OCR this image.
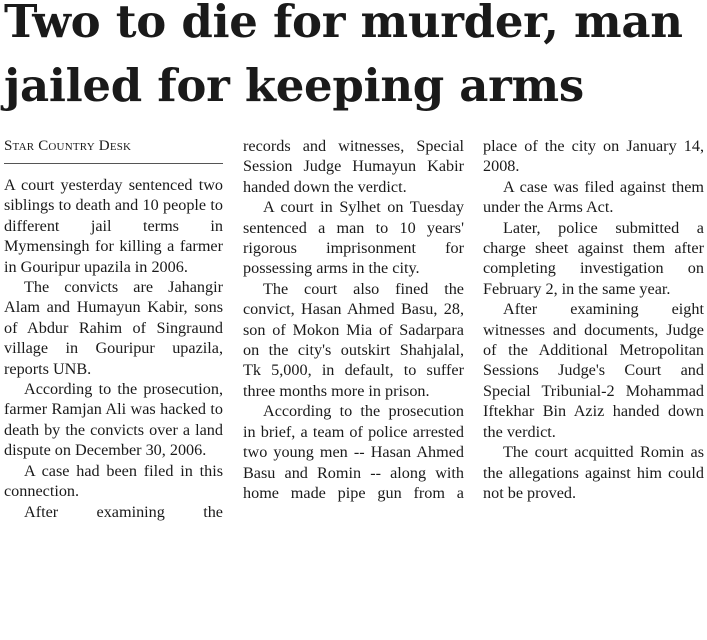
Two to die for murder, man
jailed for keeping arms
Star Country Desk

A court yesterday sentenced two siblings to death and 10 people to different jail terms in Mymensingh for killing a farmer in Gouripur upazila in 2006.

The convicts are Jahangir Alam and Humayun Kabir, sons of Abdur Rahim of Singraund village in Gouripur upazila, reports UNB.

According to the prosecution, farmer Ramjan Ali was hacked to death by the convicts over a land dispute on December 30, 2006.

A case had been filed in this connection.

After examining the

records and witnesses, Special Session Judge Humayun Kabir handed down the verdict.

A court in Sylhet on Tuesday sentenced a man to 10 years' rigorous imprisonment for possessing arms in the city.

The court also fined the convict, Hasan Ahmed Basu, 28, son of Mokon Mia of Sadarpara on the city's outskirt Shahjalal, Tk 5,000, in default, to suffer three months more in prison.

According to the prosecution in brief, a team of police arrested two young men -- Hasan Ahmed Basu and Romin -- along with home made pipe gun from a

place of the city on January 14, 2008.

A case was filed against them under the Arms Act.

Later, police submitted a charge sheet against them after completing investigation on February 2, in the same year.

After examining eight witnesses and documents, Judge of the Additional Metropolitan Sessions Judge's Court and Special Tribunial-2 Mohammad Iftekhar Bin Aziz handed down the verdict.

The court acquitted Romin as the allegations against him could not be proved.
